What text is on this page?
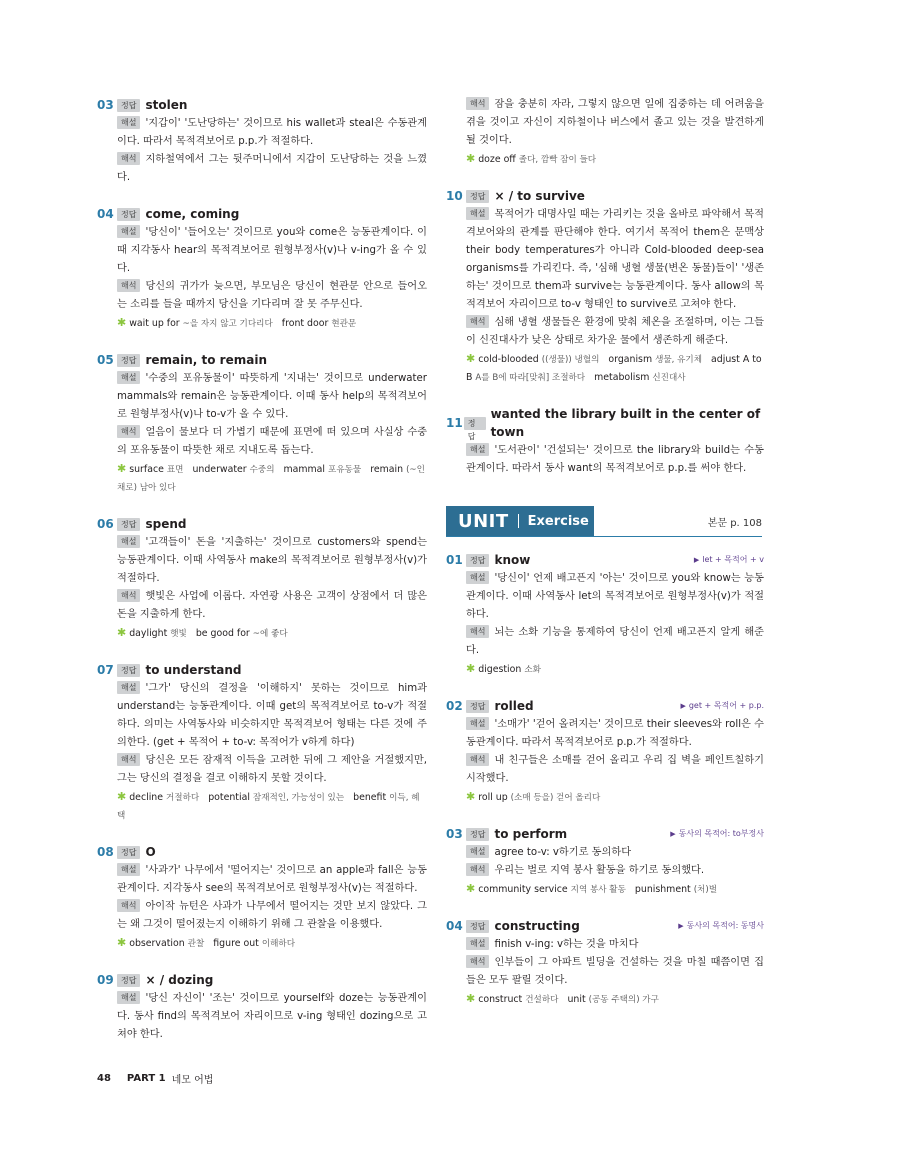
03 정답 stolen
해설 '지갑이' '도난당하는' 것이므로 his wallet과 steal은 수동관계이다. 따라서 목적격보어로 p.p.가 적절하다.
해석 지하철역에서 그는 뒷주머니에서 지갑이 도난당하는 것을 느꼈다.
04 정답 come, coming
해설 '당신이' '들어오는' 것이므로 you와 come은 능동관계이다. 이때 지각동사 hear의 목적격보어로 원형부정사(v)나 v-ing가 올 수 있다.
해석 당신의 귀가가 늦으면, 부모님은 당신이 현관문 안으로 들어오는 소리를 들을 때까지 당신을 기다리며 잘 못 주무신다.
✱ wait up for ~을 자지 않고 기다리다 front door 현관문
05 정답 remain, to remain
해설 '수중의 포유동물이' 따뜻하게 '지내는' 것이므로 underwater mammals와 remain은 능동관계이다. 이때 동사 help의 목적격보어로 원형부정사(v)나 to-v가 올 수 있다.
해석 얼음이 물보다 더 가볍기 때문에 표면에 떠 있으며 사실상 수중의 포유동물이 따뜻한 채로 지내도록 돕는다.
✱ surface 표면 underwater 수중의 mammal 포유동물 remain (~인 채로) 남아 있다
06 정답 spend
해설 '고객들이' 돈을 '지출하는' 것이므로 customers와 spend는 능동관계이다. 이때 사역동사 make의 목적격보어로 원형부정사(v)가 적절하다.
해석 햇빛은 사업에 이롭다. 자연광 사용은 고객이 상점에서 더 많은 돈을 지출하게 한다.
✱ daylight 햇빛 be good for ~에 좋다
07 정답 to understand
해설 '그가' 당신의 결정을 '이해하지' 못하는 것이므로 him과 understand는 능동관계이다. 이때 get의 목적격보어로 to-v가 적절하다. 의미는 사역동사와 비슷하지만 목적격보어 형태는 다른 것에 주의한다. (get + 목적어 + to-v: 목적어가 v하게 하다)
해석 당신은 모든 잠재적 이득을 고려한 뒤에 그 제안을 거절했지만, 그는 당신의 결정을 결코 이해하지 못할 것이다.
✱ decline 거절하다 potential 잠재적인, 가능성이 있는 benefit 이득, 혜택
08 정답 O
해설 '사과가' 나무에서 '떨어지는' 것이므로 an apple과 fall은 능동관계이다. 지각동사 see의 목적격보어로 원형부정사(v)는 적절하다.
해석 아이작 뉴턴은 사과가 나무에서 떨어지는 것만 보지 않았다. 그는 왜 그것이 떨어졌는지 이해하기 위해 그 관찰을 이용했다.
✱ observation 관찰 figure out 이해하다
09 정답 × / dozing
해설 '당신 자신이' '조는' 것이므로 yourself와 doze는 능동관계이다. 동사 find의 목적격보어 자리이므로 v-ing 형태인 dozing으로 고쳐야 한다.
해석 잠을 충분히 자라, 그렇지 않으면 일에 집중하는 데 어려움을 겪을 것이고 자신이 지하철이나 버스에서 졸고 있는 것을 발견하게 될 것이다.
✱ doze off 졸다, 깜빡 잠이 들다
10 정답 × / to survive
해설 목적어가 대명사일 때는 가리키는 것을 올바로 파악해서 목적격보어와의 관계를 판단해야 한다. 여기서 목적어 them은 문맥상 their body temperatures가 아니라 Cold-blooded deep-sea organisms를 가리킨다. 즉, '심해 냉혈 생물(변온 동물)들이' '생존하는' 것이므로 them과 survive는 능동관계이다. 동사 allow의 목적격보어 자리이므로 to-v 형태인 to survive로 고쳐야 한다.
해석 심해 냉혈 생물들은 환경에 맞춰 체온을 조절하며, 이는 그들이 신진대사가 낮은 상태로 차가운 물에서 생존하게 해준다.
✱ cold-blooded ((생물)) 냉혈의 organism 생물, 유기체 adjust A to B A를 B에 따라[맞춰] 조절하다 metabolism 신진대사
11 정답
wanted the library built in the center of town
해설 '도서관이' '건설되는' 것이므로 the library와 build는 수동관계이다. 따라서 동사 want의 목적격보어로 p.p.를 써야 한다.
UNIT Exercise	본문 p. 108
01 정답 know	▶ let + 목적어 + v
해설 '당신이' 언제 배고픈지 '아는' 것이므로 you와 know는 능동관계이다. 이때 사역동사 let의 목적격보어로 원형부정사(v)가 적절하다.
해석 뇌는 소화 기능을 통제하여 당신이 언제 배고픈지 알게 해준다.
✱ digestion 소화
02 정답 rolled	▶ get + 목적어 + p.p.
해설 '소매가' '걷어 올려지는' 것이므로 their sleeves와 roll은 수동관계이다. 따라서 목적격보어로 p.p.가 적절하다.
해석 내 친구들은 소매를 걷어 올리고 우리 집 벽을 페인트칠하기 시작했다.
✱ roll up (소매 등을) 걷어 올리다
03 정답 to perform	▶ 동사의 목적어: to부정사
해설 agree to-v: v하기로 동의하다
해석 우리는 벌로 지역 봉사 활동을 하기로 동의했다.
✱ community service 지역 봉사 활동 punishment (처)벌
04 정답 constructing	▶ 동사의 목적어: 동명사
해설 finish v-ing: v하는 것을 마치다
해석 인부들이 그 아파트 빌딩을 건설하는 것을 마칠 때쯤이면 집들은 모두 팔릴 것이다.
✱ construct 건설하다 unit (공동 주택의) 가구
48 PART 1 네모 어법
